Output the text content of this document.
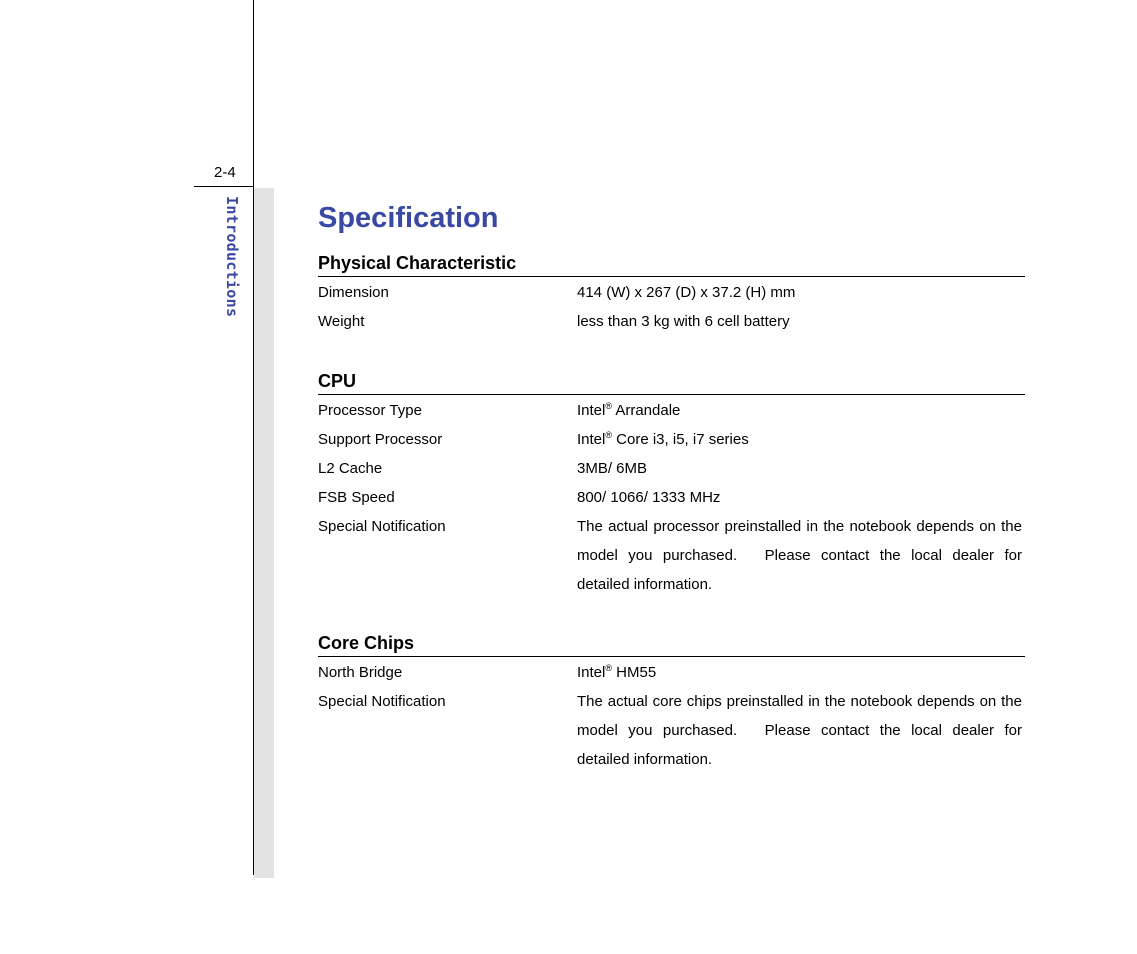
2-4
Introductions	Specification
Physical Characteristic
Dimension	414 (W) x 267 (D) x 37.2 (H) mm
Weight	less than 3 kg with 6 cell battery
CPU
Processor Type	Intel® Arrandale
Support Processor	Intel® Core i3, i5, i7 series
L2 Cache	3MB/ 6MB
FSB Speed	800/ 1066/ 1333 MHz
Special Notification	The actual processor preinstalled in the notebook depends on the model you purchased.　Please contact the local dealer for detailed information.
Core Chips
North Bridge	Intel® HM55
Special Notification	The actual core chips preinstalled in the notebook depends on the model you purchased.　Please contact the local dealer for detailed information.
